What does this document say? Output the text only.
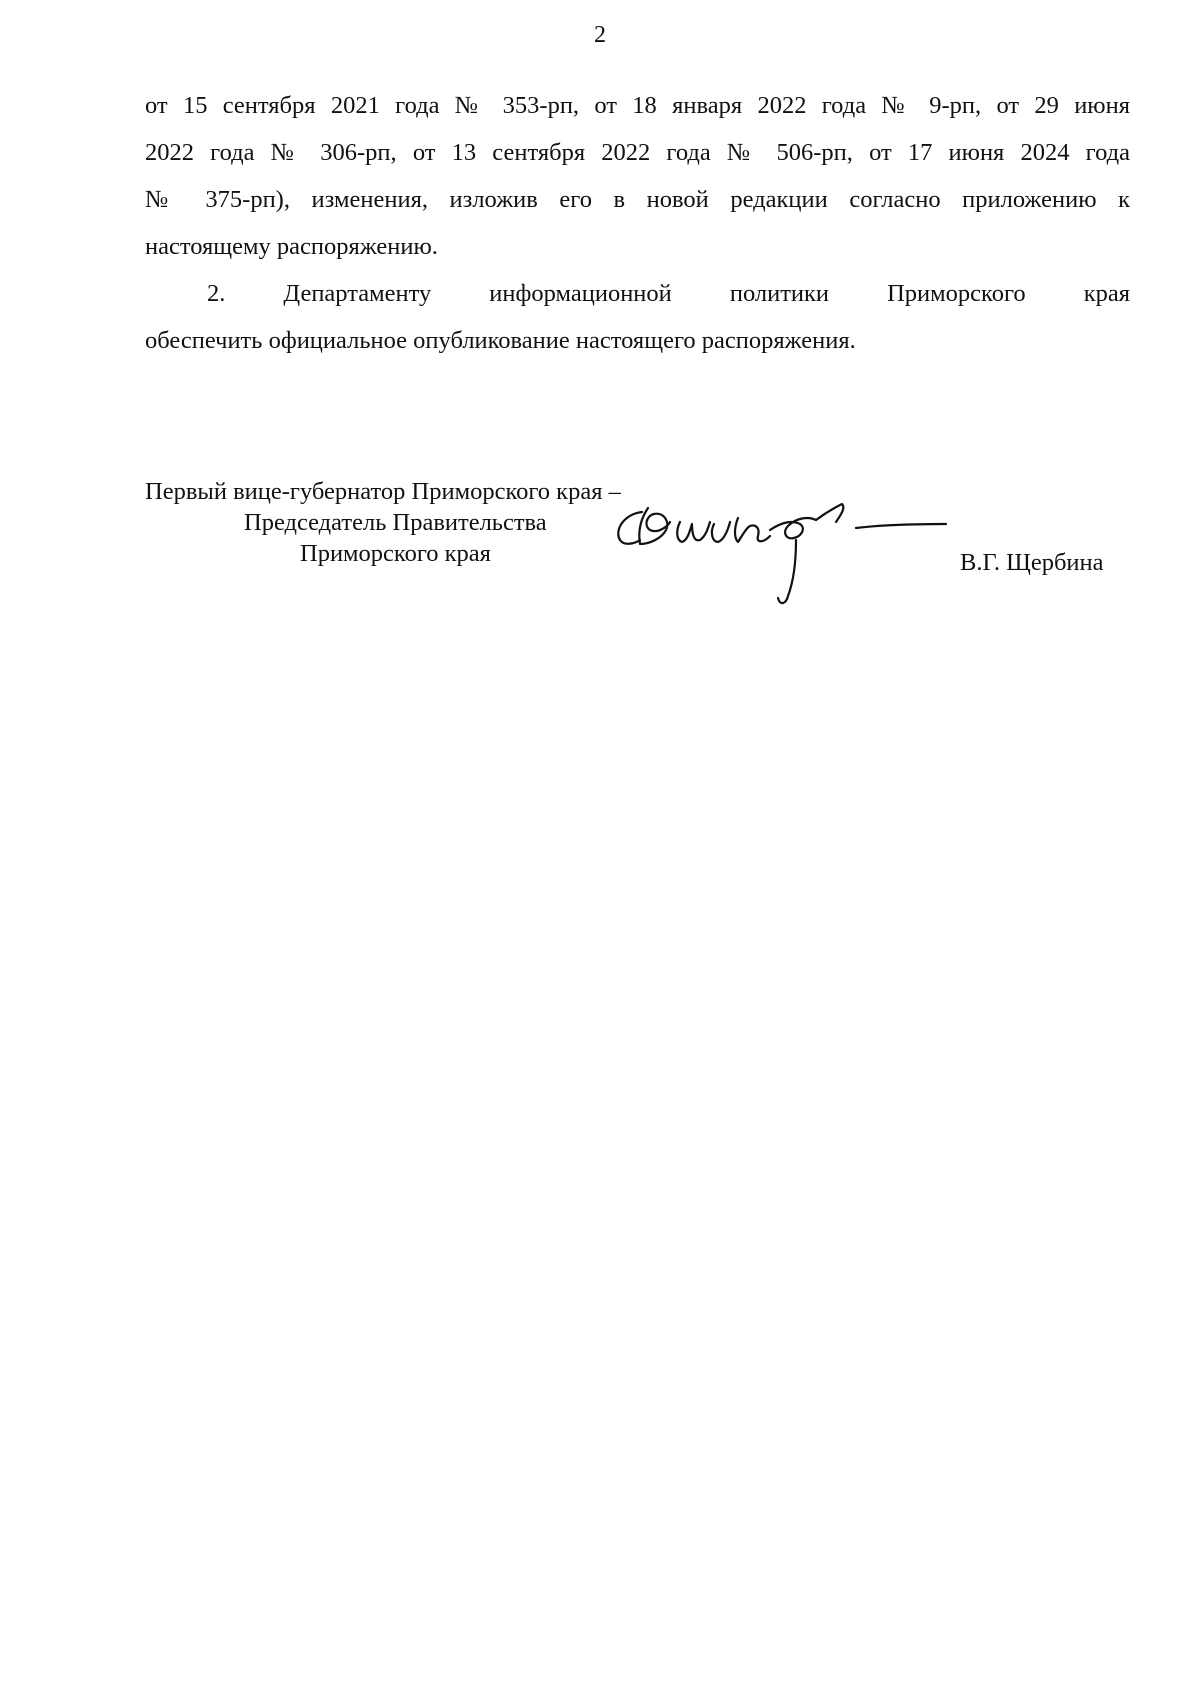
2
от 15 сентября 2021 года № 353-рп, от 18 января 2022 года № 9-рп, от 29 июня
2022 года № 306-рп, от 13 сентября 2022 года № 506-рп, от 17 июня 2024 года
№ 375-рп), изменения, изложив его в новой редакции согласно приложению к
настоящему распоряжению.
2. Департаменту информационной политики Приморского края
обеспечить официальное опубликование настоящего распоряжения.
Первый вице-губернатор Приморского края –
Председатель Правительства
Приморского края	В.Г. Щербина
